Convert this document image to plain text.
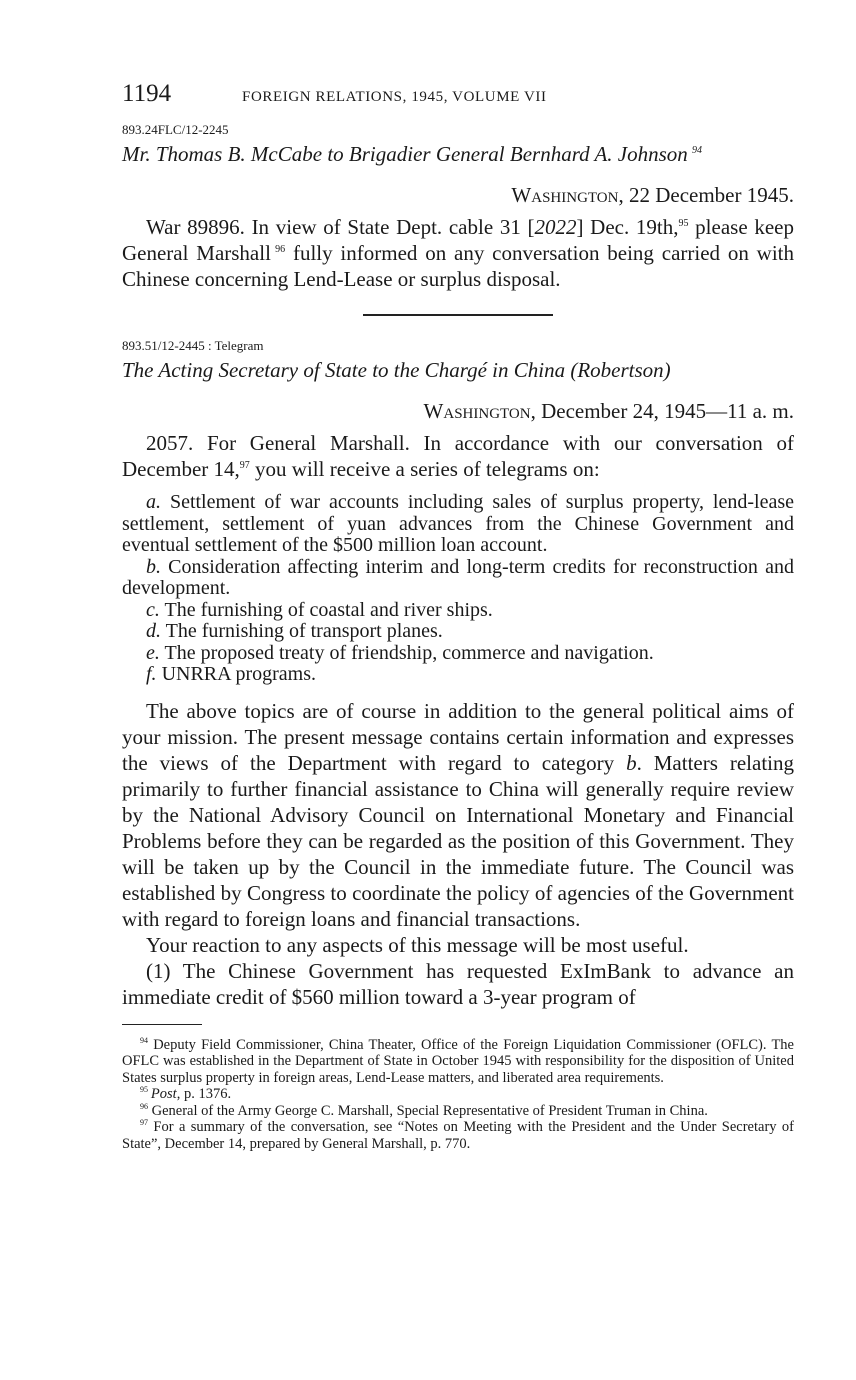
1194	FOREIGN RELATIONS, 1945, VOLUME VII
893.24FLC/12-2245
Mr. Thomas B. McCabe to Brigadier General Bernhard A. Johnson  $^{94}$
Washington, 22 December 1945.

War 89896. In view of State Dept. cable 31 [2022] Dec. 19th,$^{95}$ please keep General Marshall  $^{96}$ fully informed on any conversation being carried on with Chinese concerning Lend-Lease or surplus disposal.

893.51/12-2445 : Telegram
The Acting Secretary of State to the Chargé in China (Robertson)
Washington, December 24, 1945—11 a. m.

2057. For General Marshall. In accordance with our conversation of December 14,97 you will receive a series of telegrams on:

a. Settlement of war accounts including sales of surplus property, lend-lease settlement, settlement of yuan advances from the Chinese Government and eventual settlement of the $500 million loan account.
b. Consideration affecting interim and long-term credits for reconstruction and development.
c. The furnishing of coastal and river ships.
d. The furnishing of transport planes.
e. The proposed treaty of friendship, commerce and navigation.
f. UNRRA programs.

The above topics are of course in addition to the general political aims of your mission. The present message contains certain information and expresses the views of the Department with regard to category b. Matters relating primarily to further financial assistance to China will generally require review by the National Advisory Council on International Monetary and Financial Problems before they can be regarded as the position of this Government. They will be taken up by the Council in the immediate future. The Council was established by Congress to coordinate the policy of agencies of the Government with regard to foreign loans and financial transactions.

Your reaction to any aspects of this message will be most useful.

(1) The Chinese Government has requested ExImBank to advance an immediate credit of $560 million toward a 3-year program of

$^{94}$ Deputy Field Commissioner, China Theater, Office of the Foreign Liquidation Commissioner (OFLC). The OFLC was established in the Department of State in October 1945 with responsibility for the disposition of United States surplus property in foreign areas, Lend-Lease matters, and liberated area requirements.
$^{95}$  Post, p. 1376.
$^{96}$ General of the Army George C. Marshall, Special Representative of President Truman in China.
$^{97}$ For a summary of the conversation, see “Notes on Meeting with the President and the Under Secretary of State”, December 14, prepared by General Marshall, p. 770.
